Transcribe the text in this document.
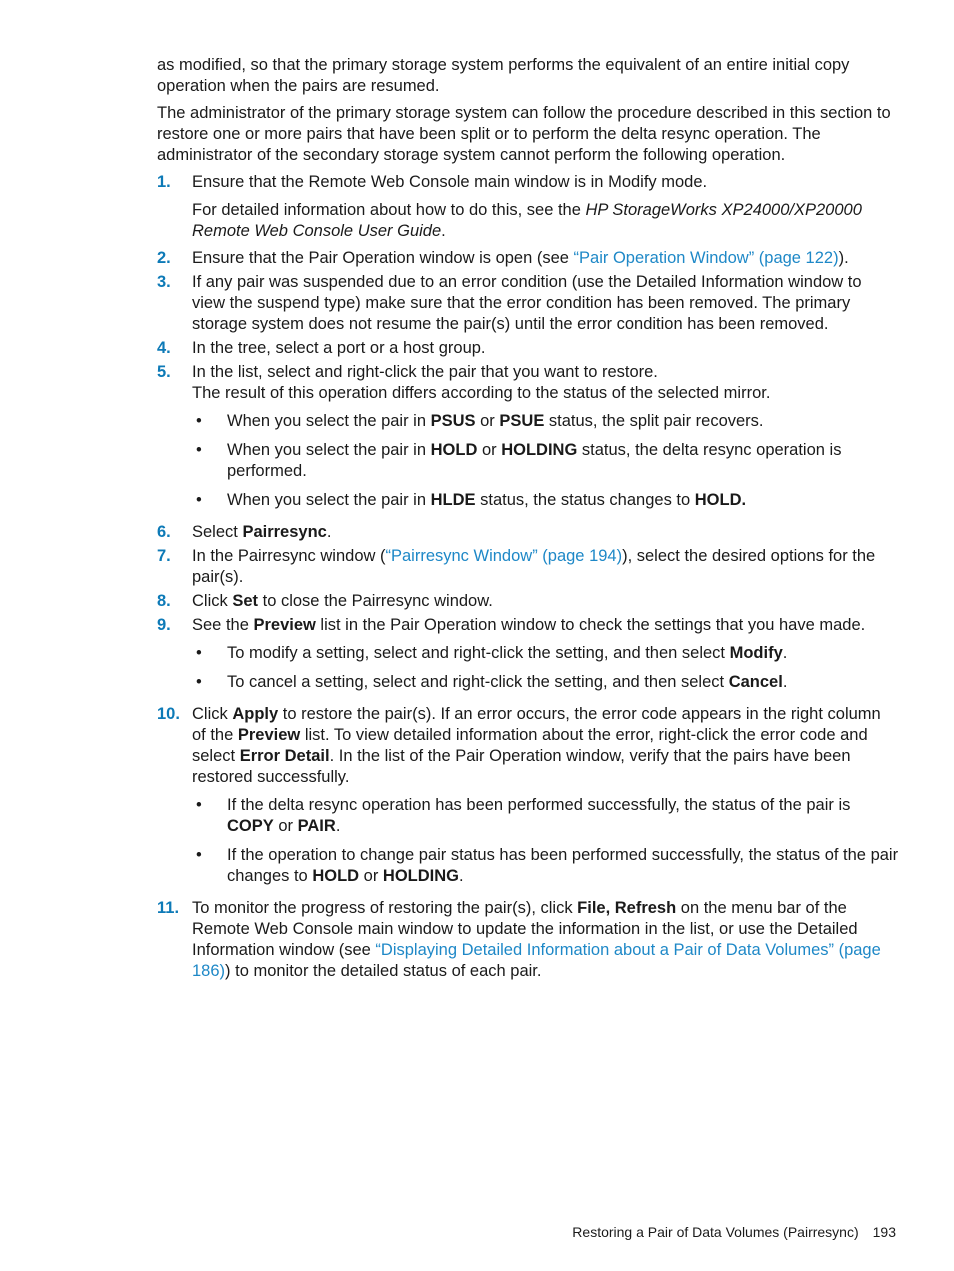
as modified, so that the primary storage system performs the equivalent of an entire initial copy operation when the pairs are resumed.

The administrator of the primary storage system can follow the procedure described in this section to restore one or more pairs that have been split or to perform the delta resync operation. The administrator of the secondary storage system cannot perform the following operation.

1.	Ensure that the Remote Web Console main window is in Modify mode.
For detailed information about how to do this, see the HP StorageWorks XP24000/XP20000 Remote Web Console User Guide.
2.	Ensure that the Pair Operation window is open (see “Pair Operation Window” (page 122)).
3.	If any pair was suspended due to an error condition (use the Detailed Information window to view the suspend type) make sure that the error condition has been removed. The primary storage system does not resume the pair(s) until the error condition has been removed.
4.	In the tree, select a port or a host group.
5.	In the list, select and right-click the pair that you want to restore.
The result of this operation differs according to the status of the selected mirror.
•	When you select the pair in PSUS or PSUE status, the split pair recovers.
•	When you select the pair in HOLD or HOLDING status, the delta resync operation is performed.
•	When you select the pair in HLDE status, the status changes to HOLD.
6.	Select Pairresync.
7.	In the Pairresync window (“Pairresync Window” (page 194)), select the desired options for the pair(s).
8.	Click Set to close the Pairresync window.
9.	See the Preview list in the Pair Operation window to check the settings that you have made.
•	To modify a setting, select and right-click the setting, and then select Modify.
•	To cancel a setting, select and right-click the setting, and then select Cancel.
10. Click Apply to restore the pair(s). If an error occurs, the error code appears in the right column of the Preview list. To view detailed information about the error, right-click the error code and select Error Detail. In the list of the Pair Operation window, verify that the pairs have been restored successfully.
•	If the delta resync operation has been performed successfully, the status of the pair is COPY or PAIR.
•	If the operation to change pair status has been performed successfully, the status of the pair changes to HOLD or HOLDING.
11. To monitor the progress of restoring the pair(s), click File, Refresh on the menu bar of the Remote Web Console main window to update the information in the list, or use the Detailed Information window (see “Displaying Detailed Information about a Pair of Data Volumes” (page 186)) to monitor the detailed status of each pair.
Restoring a Pair of Data Volumes (Pairresync) 193
